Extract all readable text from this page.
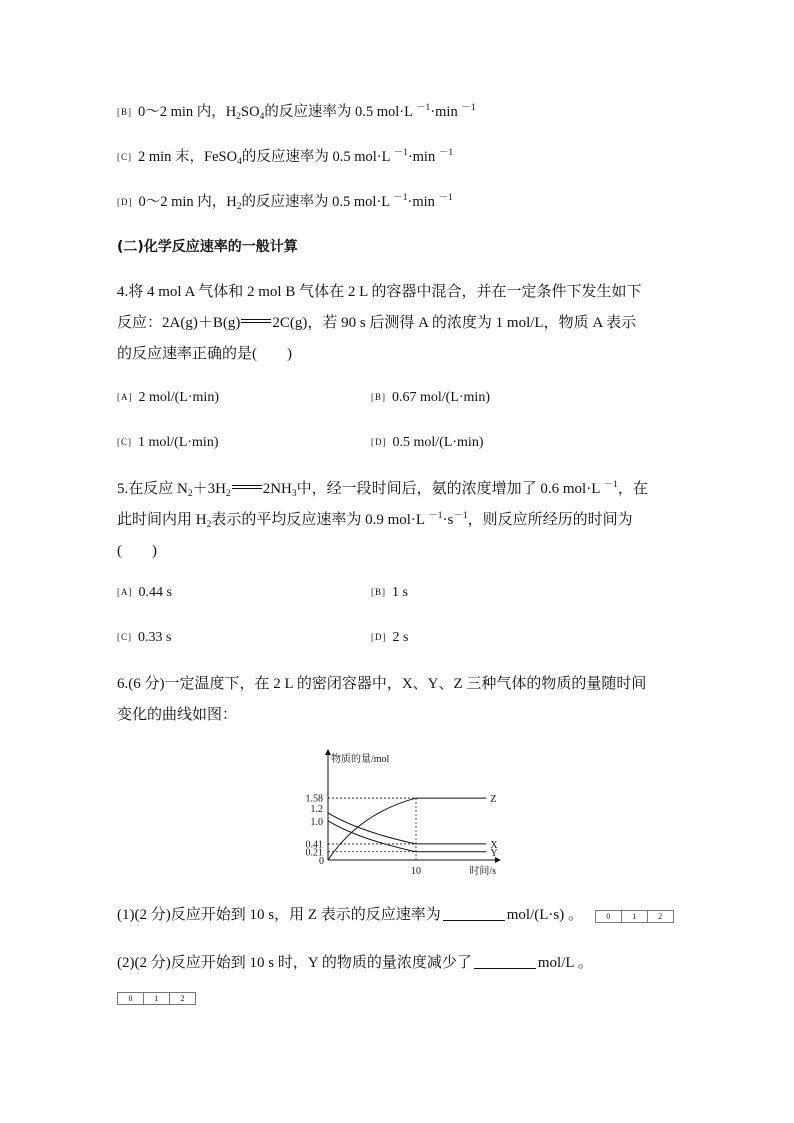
[B] 0～2 min 内，$H_2SO_4$的反应速率为 0.5 mol·L $^{-1}$·min $^{-1}$
[C] 2 min 末，FeSO$_4$的反应速率为 0.5 mol·L $^{-1}$·min $^{-1}$
[D] 0～2 min 内，$H_2$的反应速率为 0.5 mol·L $^{-1}$·min $^{-1}$
(二)化学反应速率的一般计算
4.将 4 mol A 气体和 2 mol B 气体在 2 L 的容器中混合，并在一定条件下发生如下
反应：2A(g)＋B(g) 2C(g)，若 90 s 后测得 A 的浓度为 1 mol/L，物质 A 表示
的反应速率正确的是(　　)
[A] 2 mol/(L·min)	[B] 0.67 mol/(L·min)
[C] 1 mol/(L·min)	[D] 0.5 mol/(L·min)
5.在反应 $N_2+3H_2$ $2NH_3$中，经一段时间后，氨的浓度增加了 0.6 mol·L $^{-1}$，在
此时间内用 $H_2$表示的平均反应速率为 0.9 mol·L $^{-1}\cdot s^{-1}$，则反应所经历的时间为
(　　)
[A] 0.44 s	[B] 1 s
[C] 0.33 s	[D] 2 s
6.(6 分)一定温度下，在 2 L 的密闭容器中，X、Y、Z 三种气体的物质的量随时间
变化的曲线如图：
物质的量/mol
时间/s
0
10
0.21
0.41
1.0
1.2
1.58	Z
X
Y
(1)(2 分)反应开始到 10 s，用 Z 表示的反应速率为	mol/(L·s) 。	0	1	2
(2)(2 分)反应开始到 10 s 时，Y 的物质的量浓度减少了	mol/L 。
0	1	2
